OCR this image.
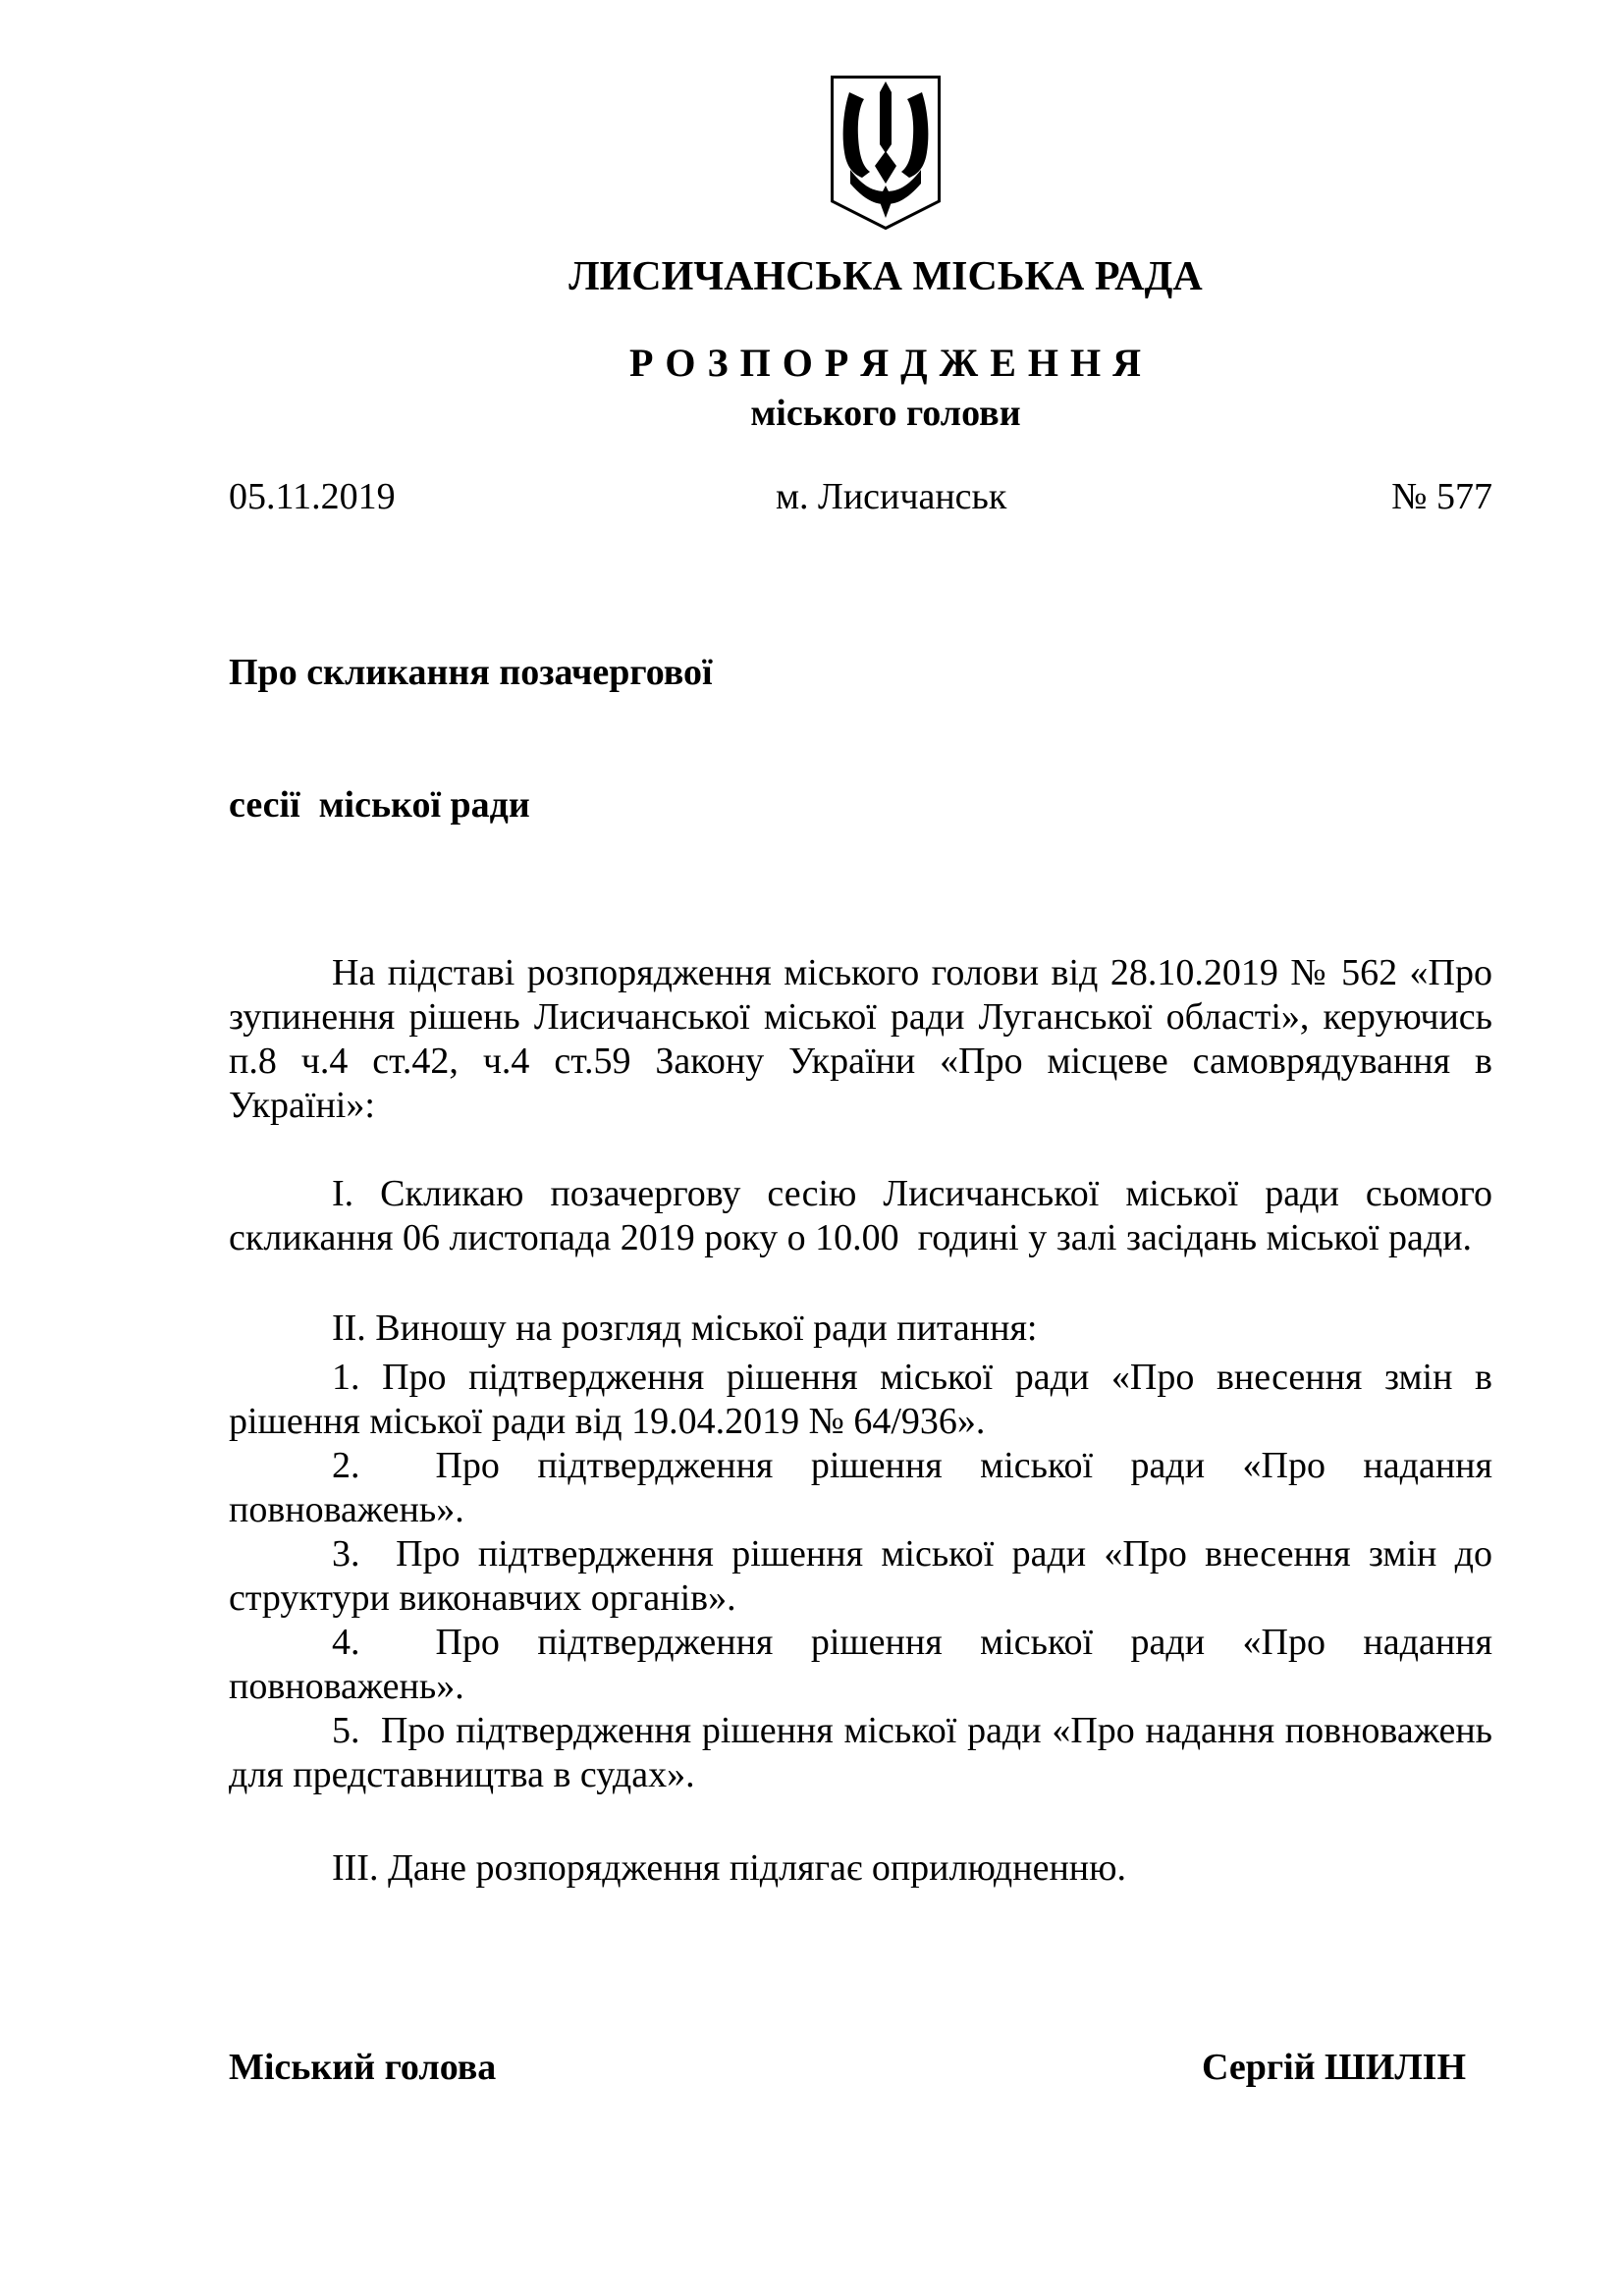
ЛИСИЧАНСЬКА МІСЬКА РАДА

Р О З П О Р Я Д Ж Е Н Н Я

міського голови

05.11.2019	м. Лисичанськ	№ 577

Про скликання позачергової

сесії  міської ради

На підставі розпорядження міського голови від 28.10.2019 № 562 «Про зупинення рішень Лисичанської міської ради Луганської області», керуючись п.8 ч.4 ст.42, ч.4 ст.59 Закону України «Про місцеве самоврядування в Україні»:

І. Скликаю позачергову сесію Лисичанської міської ради сьомого скликання 06 листопада 2019 року о 10.00  годині у залі засідань міської ради.

ІІ. Виношу на розгляд міської ради питання:

1. Про підтвердження рішення міської ради «Про внесення змін в рішення міської ради від 19.04.2019 № 64/936».

2.  Про підтвердження рішення міської ради «Про надання повноважень».

3.  Про підтвердження рішення міської ради «Про внесення змін до структури виконавчих органів».

4.  Про підтвердження рішення міської ради «Про надання повноважень».

5.  Про підтвердження рішення міської ради «Про надання повноважень для представництва в судах».

ІІІ. Дане розпорядження підлягає оприлюдненню.

Міський голова	Сергій ШИЛІН
